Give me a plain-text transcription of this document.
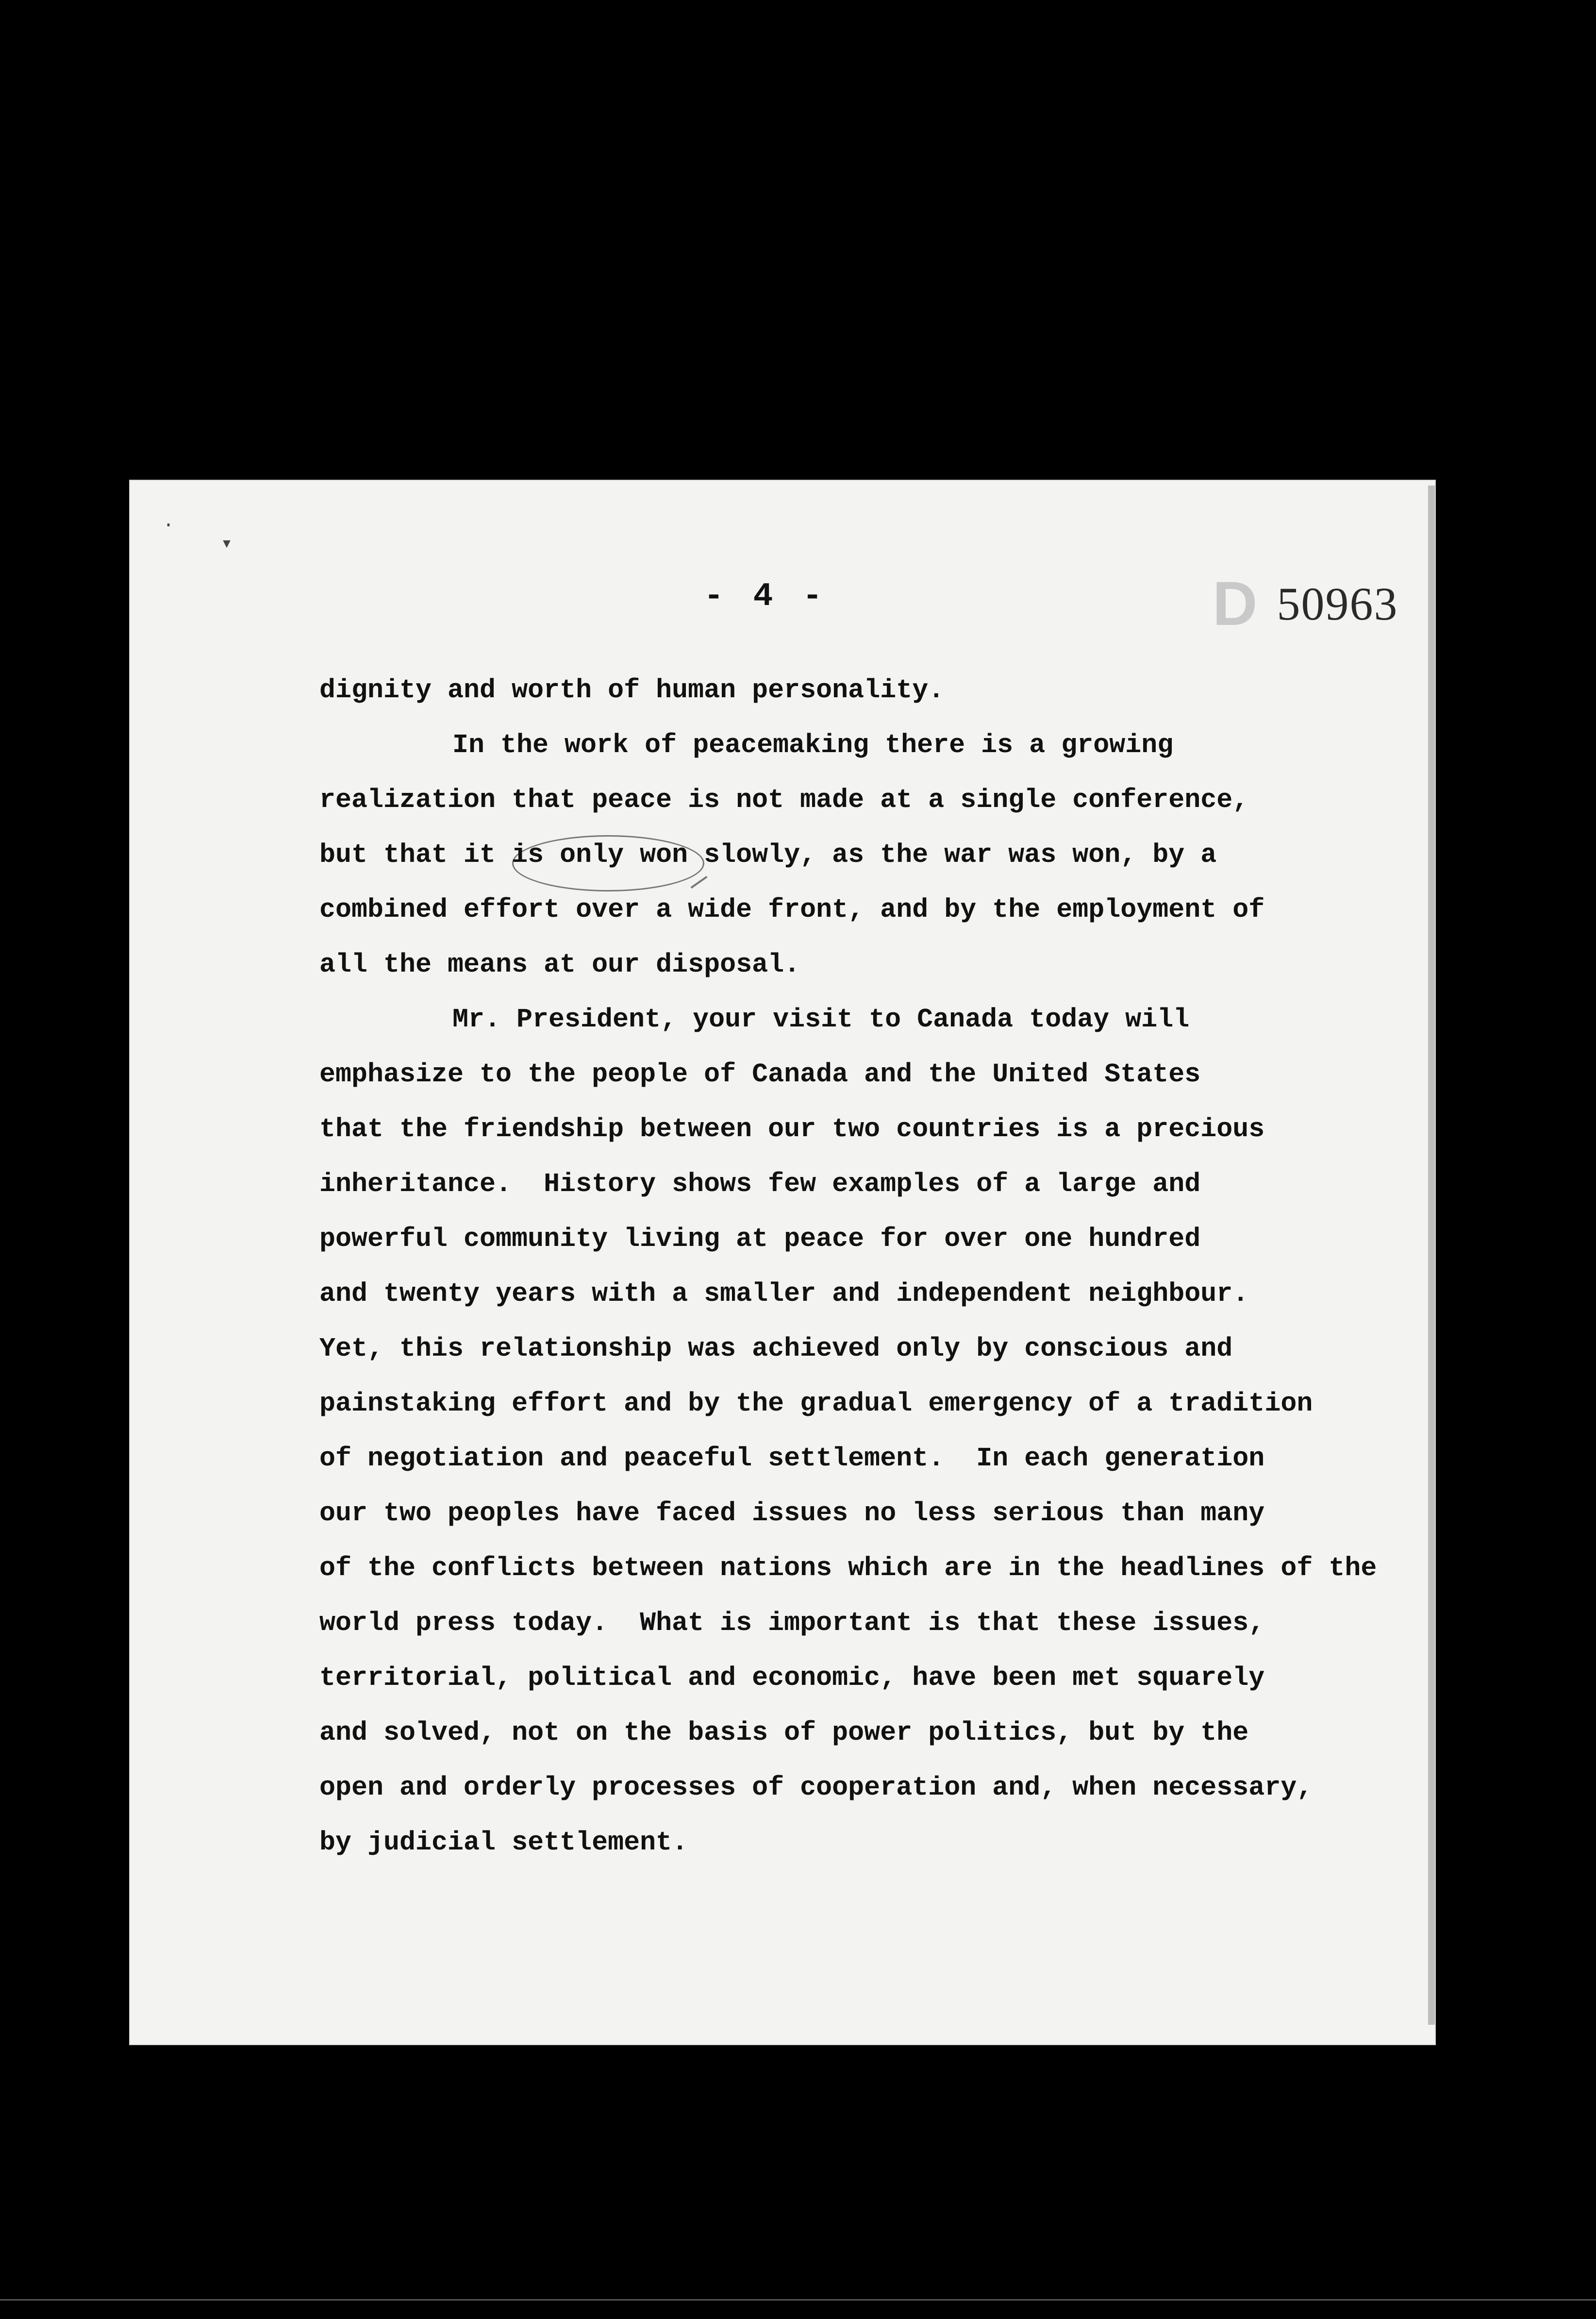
·
▾
- 4 -	D 50963
dignity and worth of human personality.
In the work of peacemaking there is a growing
realization that peace is not made at a single conference,
but that it is only won slowly, as the war was won, by a
combined effort over a wide front, and by the employment of
all the means at our disposal.
Mr. President, your visit to Canada today will
emphasize to the people of Canada and the United States
that the friendship between our two countries is a precious
inheritance.  History shows few examples of a large and
powerful community living at peace for over one hundred
and twenty years with a smaller and independent neighbour.
Yet, this relationship was achieved only by conscious and
painstaking effort and by the gradual emergency of a tradition
of negotiation and peaceful settlement.  In each generation
our two peoples have faced issues no less serious than many
of the conflicts between nations which are in the headlines of the
world press today.  What is important is that these issues,
territorial, political and economic, have been met squarely
and solved, not on the basis of power politics, but by the
open and orderly processes of cooperation and, when necessary,
by judicial settlement.
